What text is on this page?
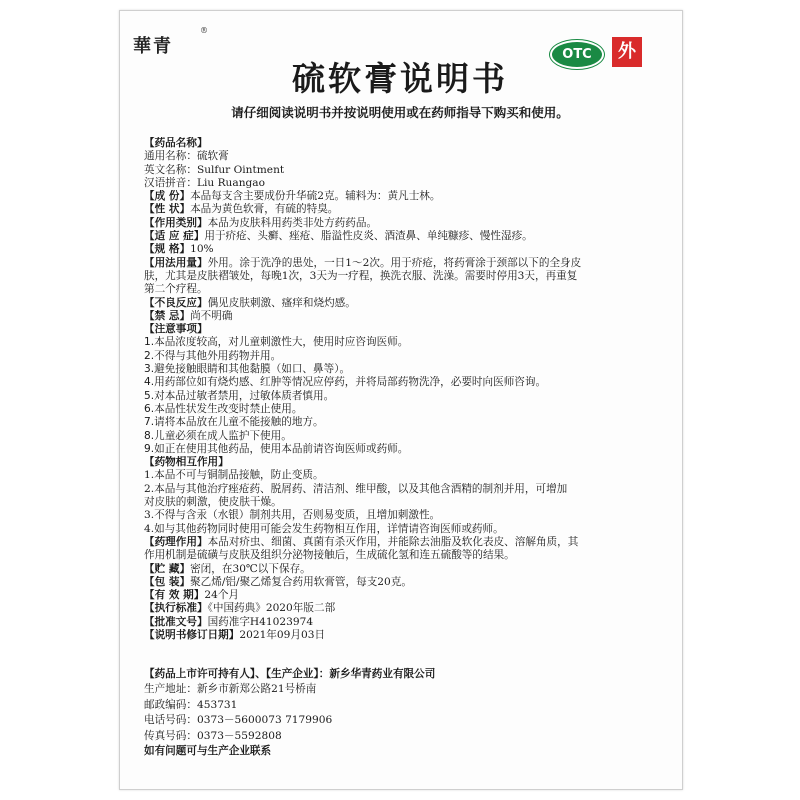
華青
®
硫软膏说明书
OTC	外
请仔细阅读说明书并按说明使用或在药师指导下购买和使用。
【药品名称】
通用名称：硫软膏
英文名称：Sulfur Ointment
汉语拼音：Liu Ruangao
【成 份】本品每支含主要成份升华硫2克。辅料为：黄凡士林。
【性 状】本品为黄色软膏，有硫的特臭。
【作用类别】本品为皮肤科用药类非处方药药品。
【适 应 症】用于疥疮、头癣、痤疮、脂溢性皮炎、酒渣鼻、单纯糠疹、慢性湿疹。
【规 格】10%
【用法用量】外用。涂于洗净的患处，一日1～2次。用于疥疮，将药膏涂于颈部以下的全身皮
肤，尤其是皮肤褶皱处，每晚1次，3天为一疗程，换洗衣服、洗澡。需要时停用3天，再重复
第二个疗程。
【不良反应】偶见皮肤刺激、瘙痒和烧灼感。
【禁 忌】尚不明确
【注意事项】
1.本品浓度较高，对儿童刺激性大，使用时应咨询医师。
2.不得与其他外用药物并用。
3.避免接触眼睛和其他黏膜（如口、鼻等）。
4.用药部位如有烧灼感、红肿等情况应停药，并将局部药物洗净，必要时向医师咨询。
5.对本品过敏者禁用，过敏体质者慎用。
6.本品性状发生改变时禁止使用。
7.请将本品放在儿童不能接触的地方。
8.儿童必须在成人监护下使用。
9.如正在使用其他药品，使用本品前请咨询医师或药师。
【药物相互作用】
1.本品不可与铜制品接触，防止变质。
2.本品与其他治疗痤疮药、脱屑药、清洁剂、维甲酸，以及其他含酒精的制剂并用，可增加
对皮肤的刺激，使皮肤干燥。
3.不得与含汞（水银）制剂共用，否则易变质，且增加刺激性。
4.如与其他药物同时使用可能会发生药物相互作用，详情请咨询医师或药师。
【药理作用】本品对疥虫、细菌、真菌有杀灭作用，并能除去油脂及软化表皮、溶解角质，其
作用机制是硫磺与皮肤及组织分泌物接触后，生成硫化氢和连五硫酸等的结果。
【贮 藏】密闭，在30℃以下保存。
【包 装】聚乙烯/铝/聚乙烯复合药用软膏管，每支20克。
【有 效 期】24个月
【执行标准】《中国药典》2020年版二部
【批准文号】国药准字H41023974
【说明书修订日期】2021年09月03日
【药品上市许可持有人】、【生产企业】：新乡华青药业有限公司
生产地址：新乡市新郑公路21号桥南
邮政编码：453731
电话号码：0373－5600073 7179906
传真号码：0373－5592808
如有问题可与生产企业联系
